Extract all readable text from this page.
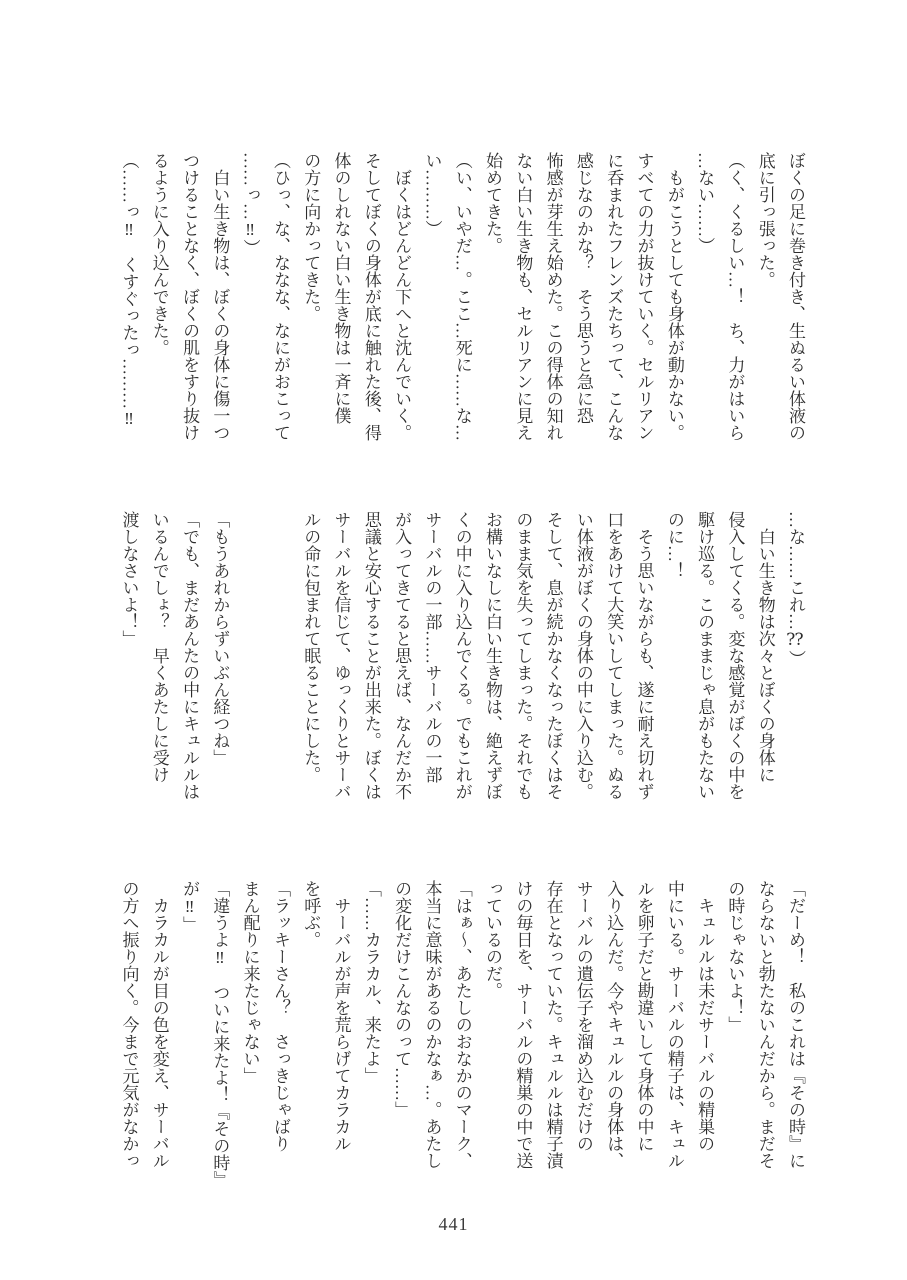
ぼくの足に巻き付き、生ぬるい体液の
底に引っ張った。
（く、くるしい…！　ち、力がはいら
…ない……）
　もがこうとしても身体が動かない。
すべての力が抜けていく。セルリアン
に呑まれたフレンズたちって、こんな
感じなのかな？　そう思うと急に恐
怖感が芽生え始めた。この得体の知れ
ない白い生き物も、セルリアンに見え
始めてきた。
（い、いやだ…。ここ…死に……な…
い………）
　ぼくはどんどん下へと沈んでいく。
そしてぼくの身体が底に触れた後、得
体のしれない白い生き物は一斉に僕
の方に向かってきた。
（ひっ、な、ななな、なにがおこって
……っ…‼）
　白い生き物は、ぼくの身体に傷一つ
つけることなく、ぼくの肌をすり抜け
るように入り込んできた。
（……っ‼　くすぐったっ………‼
…な……これ…⁇）
　白い生き物は次々とぼくの身体に
侵入してくる。変な感覚がぼくの中を
駆け巡る。このままじゃ息がもたない
のに…！
　そう思いながらも、遂に耐え切れず
口をあけて大笑いしてしまった。ぬる
い体液がぼくの身体の中に入り込む。
そして、息が続かなくなったぼくはそ
のまま気を失ってしまった。それでも
お構いなしに白い生き物は、絶えずぼ
くの中に入り込んでくる。でもこれが
サーバルの一部……サーバルの一部
が入ってきてると思えば、なんだか不
思議と安心することが出来た。ぼくは
サーバルを信じて、ゆっくりとサーバ
ルの命に包まれて眠ることにした。

「もうあれからずいぶん経つね」
「でも、まだあんたの中にキュルルは
いるんでしょ？　早くあたしに受け
渡しなさいよ！」
「だーめ！　私のこれは『その時』に
ならないと勃たないんだから。まだそ
の時じゃないよ！」
　キュルルは未だサーバルの精巣の
中にいる。サーバルの精子は、キュル
ルを卵子だと勘違いして身体の中に
入り込んだ。今やキュルルの身体は、
サーバルの遺伝子を溜め込むだけの
存在となっていた。キュルルは精子漬
けの毎日を、サーバルの精巣の中で送
っているのだ。
「はぁ〜、あたしのおなかのマーク、
本当に意味があるのかなぁ…。あたし
の変化だけこんなのって……」
「……カラカル、来たよ」
　サーバルが声を荒らげてカラカル
を呼ぶ。
「ラッキーさん？　さっきじゃばり
まん配りに来たじゃない」
「違うよ‼　ついに来たよ！『その時』
が‼」
　カラカルが目の色を変え、サーバル
の方へ振り向く。今まで元気がなかっ
441
